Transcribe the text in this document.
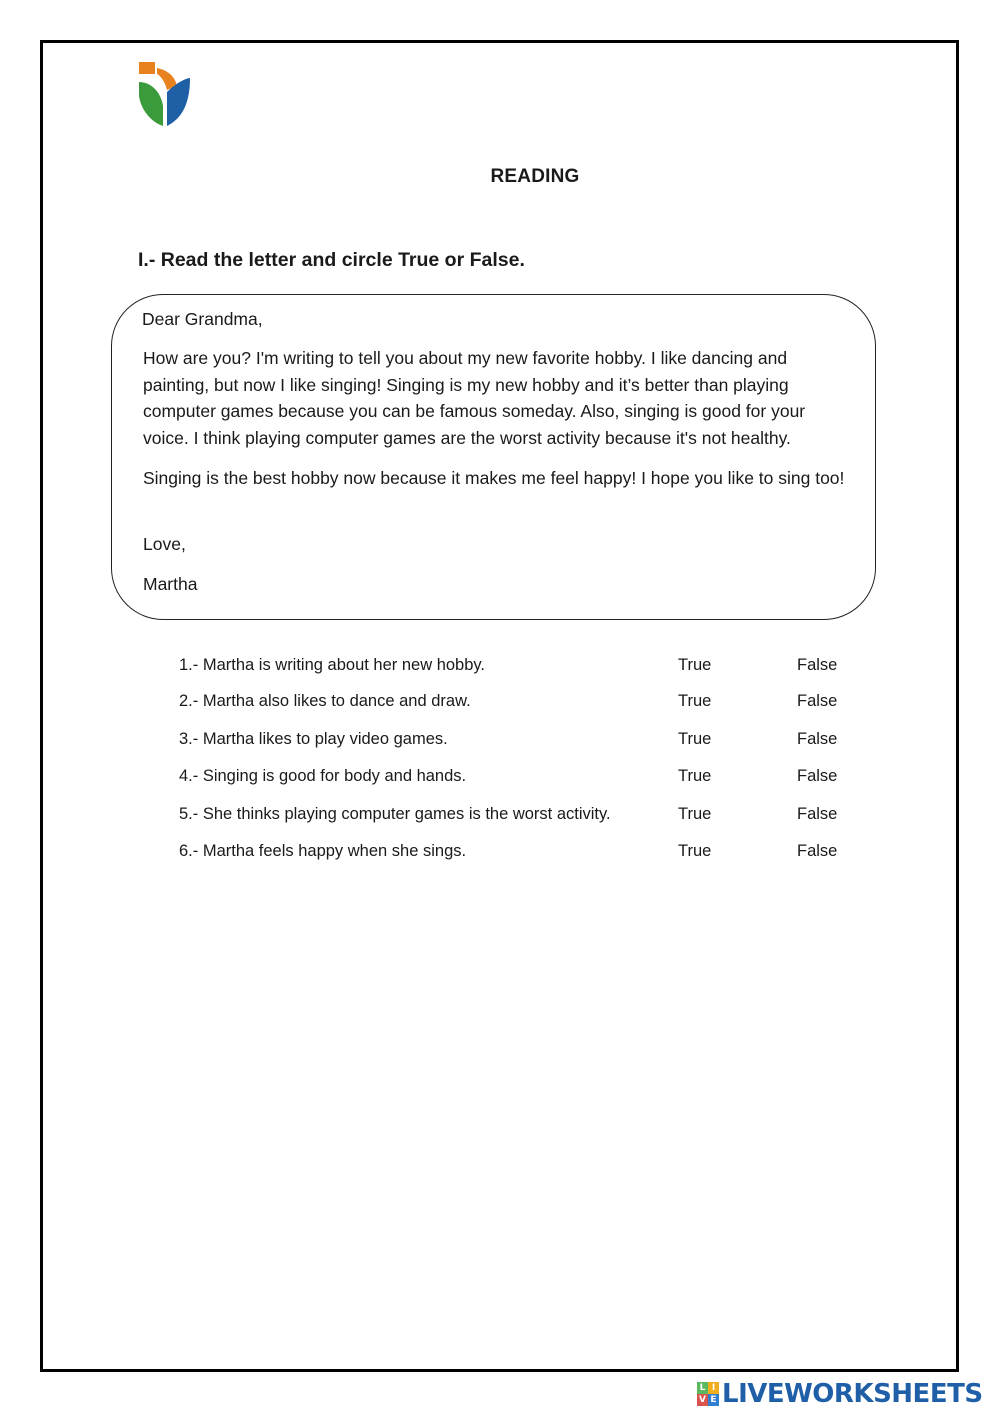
READING
I.- Read the letter and circle True or False.
Dear Grandma,
How are you? I'm writing to tell you about my new favorite hobby. I like dancing and painting, but now I like singing! Singing is my new hobby and it’s better than playing computer games because you can be famous someday. Also, singing is good for your voice. I think playing computer games are the worst activity because it's not healthy.
Singing is the best hobby now because it makes me feel happy! I hope you like to sing too!
Love,
Martha
1.- Martha is writing about her new hobby.	True	False
2.- Martha also likes to dance and draw.	True	False
3.- Martha likes to play video games.	True	False
4.- Singing is good for body and hands.	True	False
5.- She thinks playing computer games is the worst activity.	True	False
6.- Martha feels happy when she sings.	True	False
L I
V E LIVEWORKSHEETS
